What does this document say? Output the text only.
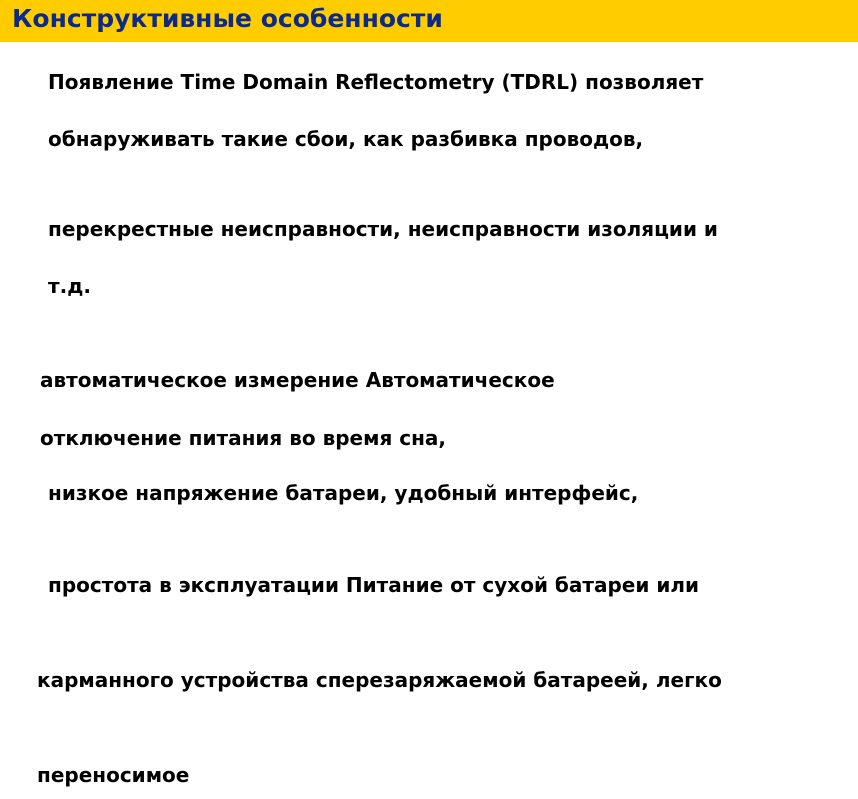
Конструктивные особенности

Появление Time Domain Reflectometry (TDRL) позволяет

обнаруживать такие сбои, как разбивка проводов,

перекрестные неисправности, неисправности изоляции и

т.д.

автоматическое измерение Автоматическое

отключение питания во время сна,

низкое напряжение батареи, удобный интерфейс,

простота в эксплуатации Питание от сухой батареи или

карманного устройства сперезаряжаемой батареей, легко

переносимое
